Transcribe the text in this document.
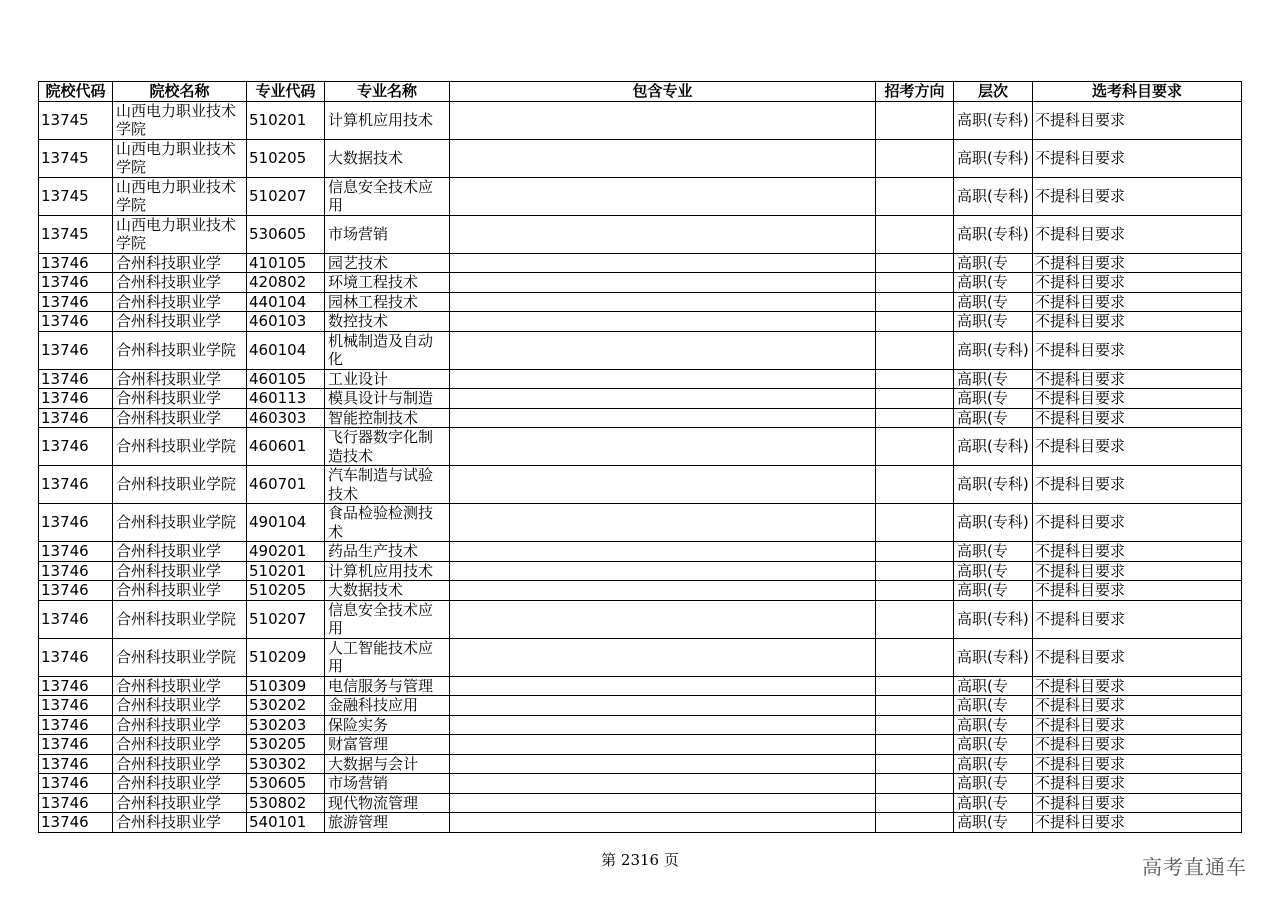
院校代码	院校名称	专业代码	专业名称	包含专业	招考方向	层次	选考科目要求

13745	山西电力职业技术学院	510201	计算机应用技术			高职(专科)	不提科目要求

13745	山西电力职业技术学院	510205	大数据技术			高职(专科)	不提科目要求

13745	山西电力职业技术学院	510207	信息安全技术应用			高职(专科)	不提科目要求

13745	山西电力职业技术学院	530605	市场营销			高职(专科)	不提科目要求

13746	合州科技职业学	410105	园艺技术			高职(专	不提科目要求

13746	合州科技职业学	420802	环境工程技术			高职(专	不提科目要求

13746	合州科技职业学	440104	园林工程技术			高职(专	不提科目要求

13746	合州科技职业学	460103	数控技术			高职(专	不提科目要求

13746	合州科技职业学院	460104	机械制造及自动化			高职(专科)	不提科目要求

13746	合州科技职业学	460105	工业设计			高职(专	不提科目要求

13746	合州科技职业学	460113	模具设计与制造			高职(专	不提科目要求

13746	合州科技职业学	460303	智能控制技术			高职(专	不提科目要求

13746	合州科技职业学院	460601	飞行器数字化制造技术			高职(专科)	不提科目要求

13746	合州科技职业学院	460701	汽车制造与试验技术			高职(专科)	不提科目要求

13746	合州科技职业学院	490104	食品检验检测技术			高职(专科)	不提科目要求

13746	合州科技职业学	490201	药品生产技术			高职(专	不提科目要求

13746	合州科技职业学	510201	计算机应用技术			高职(专	不提科目要求

13746	合州科技职业学	510205	大数据技术			高职(专	不提科目要求

13746	合州科技职业学院	510207	信息安全技术应用			高职(专科)	不提科目要求

13746	合州科技职业学院	510209	人工智能技术应用			高职(专科)	不提科目要求

13746	合州科技职业学	510309	电信服务与管理			高职(专	不提科目要求

13746	合州科技职业学	530202	金融科技应用			高职(专	不提科目要求

13746	合州科技职业学	530203	保险实务			高职(专	不提科目要求

13746	合州科技职业学	530205	财富管理			高职(专	不提科目要求

13746	合州科技职业学	530302	大数据与会计			高职(专	不提科目要求

13746	合州科技职业学	530605	市场营销			高职(专	不提科目要求

13746	合州科技职业学	530802	现代物流管理			高职(专	不提科目要求

13746	合州科技职业学	540101	旅游管理			高职(专	不提科目要求
第 2316 页	高考直通车
